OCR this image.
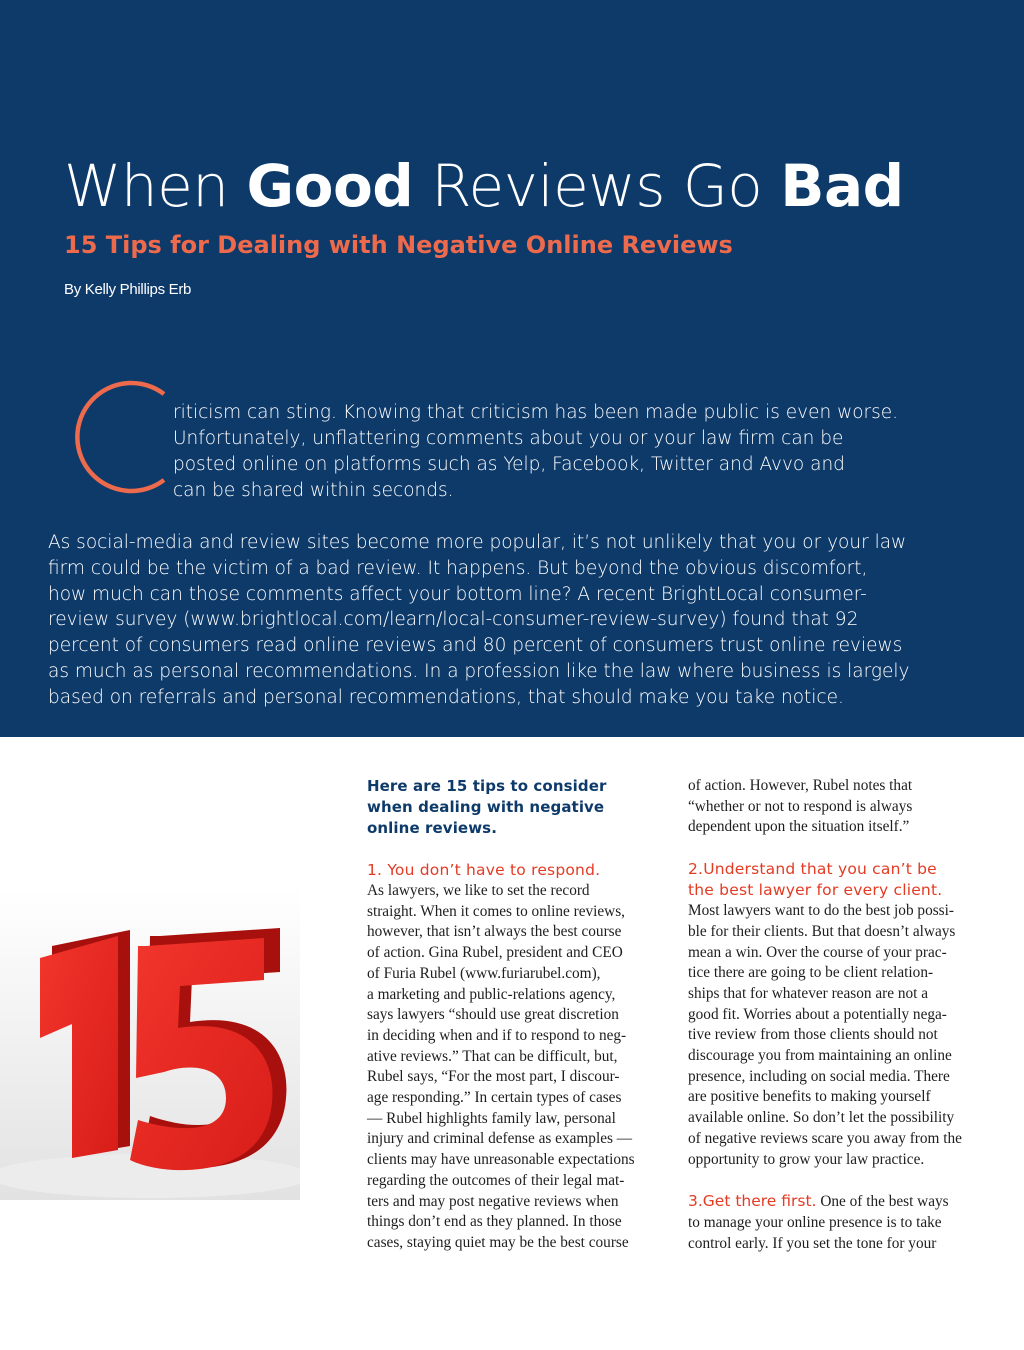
When Good Reviews Go Bad
15 Tips for Dealing with Negative Online Reviews
By Kelly Phillips Erb
riticism can sting. Knowing that criticism has been made public is even worse.
Unfortunately, unflattering comments about you or your law firm can be
posted online on platforms such as Yelp, Facebook, Twitter and Avvo and
can be shared within seconds.
As social-media and review sites become more popular, it’s not unlikely that you or your law
firm could be the victim of a bad review. It happens. But beyond the obvious discomfort,
how much can those comments affect your bottom line? A recent BrightLocal consumer-
review survey (www.brightlocal.com/learn/local-consumer-review-survey) found that 92
percent of consumers read online reviews and 80 percent of consumers trust online reviews
as much as personal recommendations. In a profession like the law where business is largely
based on referrals and personal recommendations, that should make you take notice.
Here are 15 tips to consider
when dealing with negative
online reviews.
1. You don’t have to respond.
As lawyers, we like to set the record
straight. When it comes to online reviews,
however, that isn’t always the best course
of action. Gina Rubel, president and CEO
of Furia Rubel (www.furiarubel.com),
a marketing and public-relations agency,
says lawyers “should use great discretion
in deciding when and if to respond to neg-
ative reviews.” That can be difficult, but,
Rubel says, “For the most part, I discour-
age responding.” In certain types of cases
— Rubel highlights family law, personal
injury and criminal defense as examples —
clients may have unreasonable expectations
regarding the outcomes of their legal mat-
ters and may post negative reviews when
things don’t end as they planned. In those
cases, staying quiet may be the best course
of action. However, Rubel notes that
“whether or not to respond is always
dependent upon the situation itself.”
2.Understand that you can’t be
the best lawyer for every client.
Most lawyers want to do the best job possi-
ble for their clients. But that doesn’t always
mean a win. Over the course of your prac-
tice there are going to be client relation-
ships that for whatever reason are not a
good fit. Worries about a potentially nega-
tive review from those clients should not
discourage you from maintaining an online
presence, including on social media. There
are positive benefits to making yourself
available online. So don’t let the possibility
of negative reviews scare you away from the
opportunity to grow your law practice.
3.Get there first. One of the best ways
to manage your online presence is to take
control early. If you set the tone for your
